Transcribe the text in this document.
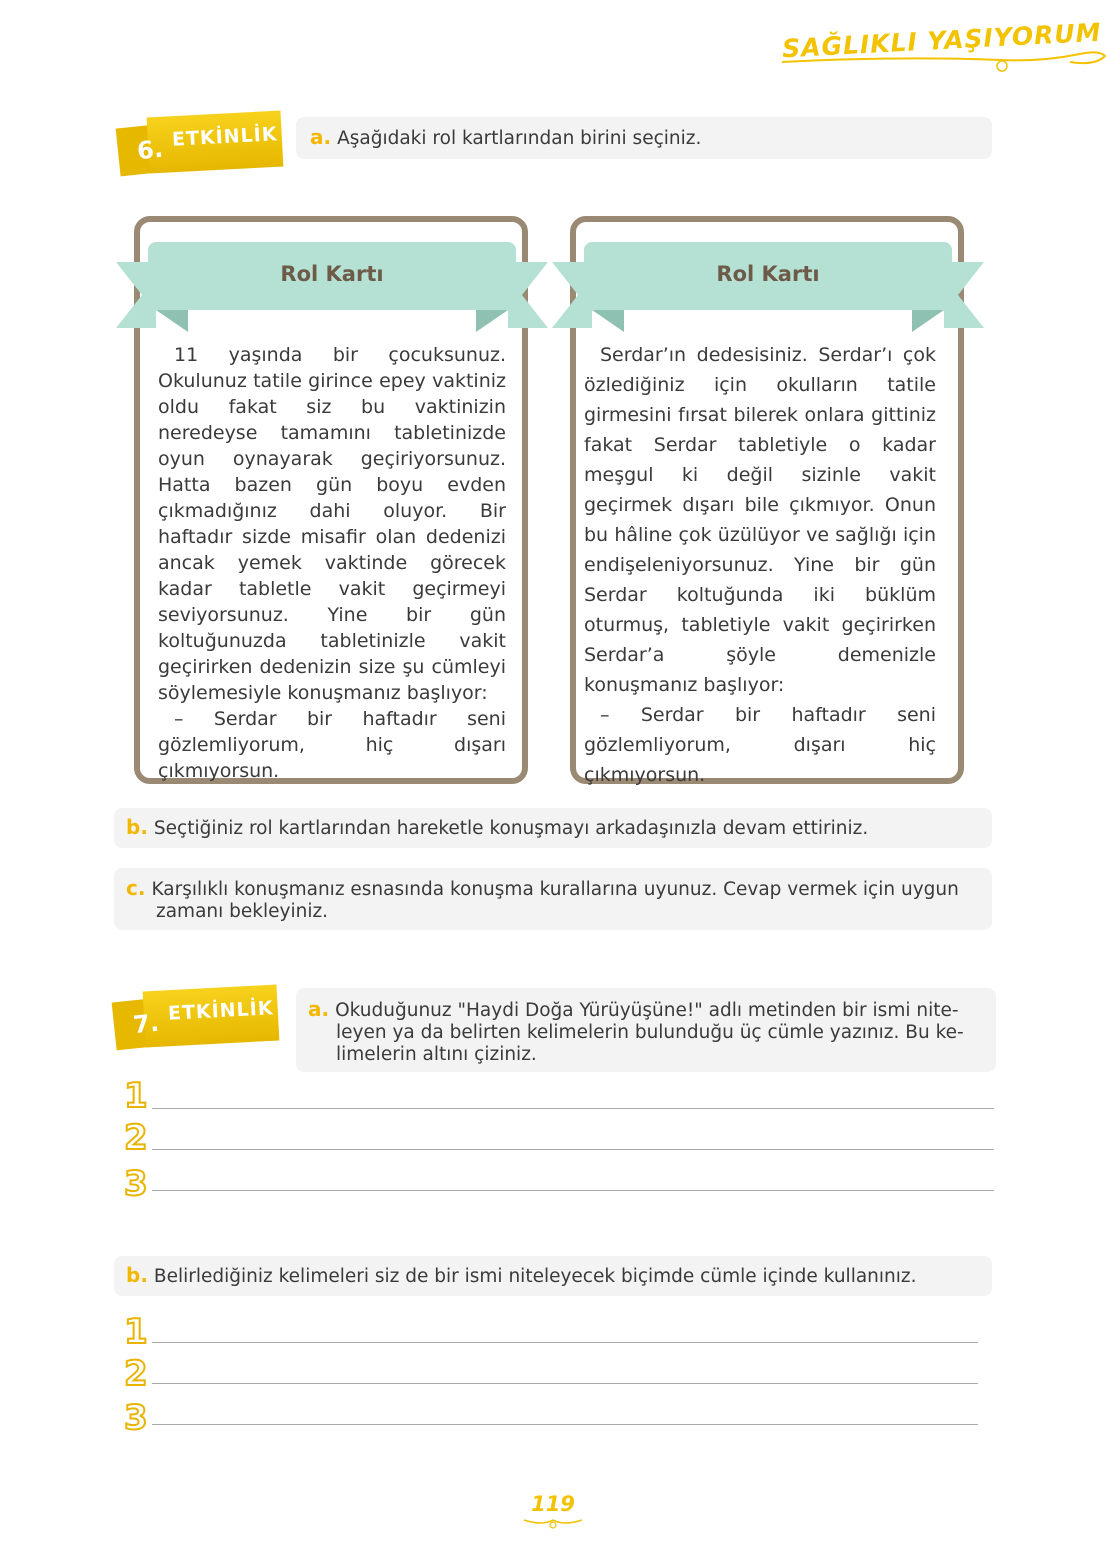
SAĞLIKLI YAŞIYORUM
6. ETKİNLİK	a. Aşağıdaki rol kartlarından birini seçiniz.
Rol Kartı

11 yaşında bir çocuksunuz. Okulunuz tatile girince epey vaktiniz oldu fakat siz bu vaktinizin neredeyse tamamını tabletinizde oyun oynayarak geçiriyorsunuz. Hatta bazen gün boyu evden çıkmadığınız dahi oluyor. Bir haftadır sizde misafir olan dedenizi ancak yemek vaktinde görecek kadar tabletle vakit geçirmeyi seviyorsunuz. Yine bir gün koltuğunuzda tabletinizle vakit geçirirken dedenizin size şu cümleyi söylemesiyle konuşmanız başlıyor:

– Serdar bir haftadır seni gözlemliyorum, hiç dışarı çıkmıyorsun.

Rol Kartı

Serdar’ın dedesisiniz. Serdar’ı çok özlediğiniz için okulların tatile girmesini fırsat bilerek onlara gittiniz fakat Serdar tabletiyle o kadar meşgul ki değil sizinle vakit geçirmek dışarı bile çıkmıyor. Onun bu hâline çok üzülüyor ve sağlığı için endişeleniyorsunuz. Yine bir gün Serdar koltuğunda iki büklüm oturmuş, tabletiyle vakit geçirirken Serdar’a şöyle demenizle konuşmanız başlıyor:

– Serdar bir haftadır seni gözlemliyorum, dışarı hiç çıkmıyorsun.

b. Seçtiğiniz rol kartlarından hareketle konuşmayı arkadaşınızla devam ettiriniz.
c. Karşılıklı konuşmanız esnasında konuşma kurallarına uyunuz. Cevap vermek için uygun
zamanı bekleyiniz.
7. ETKİNLİK a. Okuduğunuz "Haydi Doğa Yürüyüşüne!" adlı metinden bir ismi nite-
leyen ya da belirten kelimelerin bulunduğu üç cümle yazınız. Bu ke-
limelerin altını çiziniz.
1
2
3
b. Belirlediğiniz kelimeleri siz de bir ismi niteleyecek biçimde cümle içinde kullanınız.
1
2
3
119
